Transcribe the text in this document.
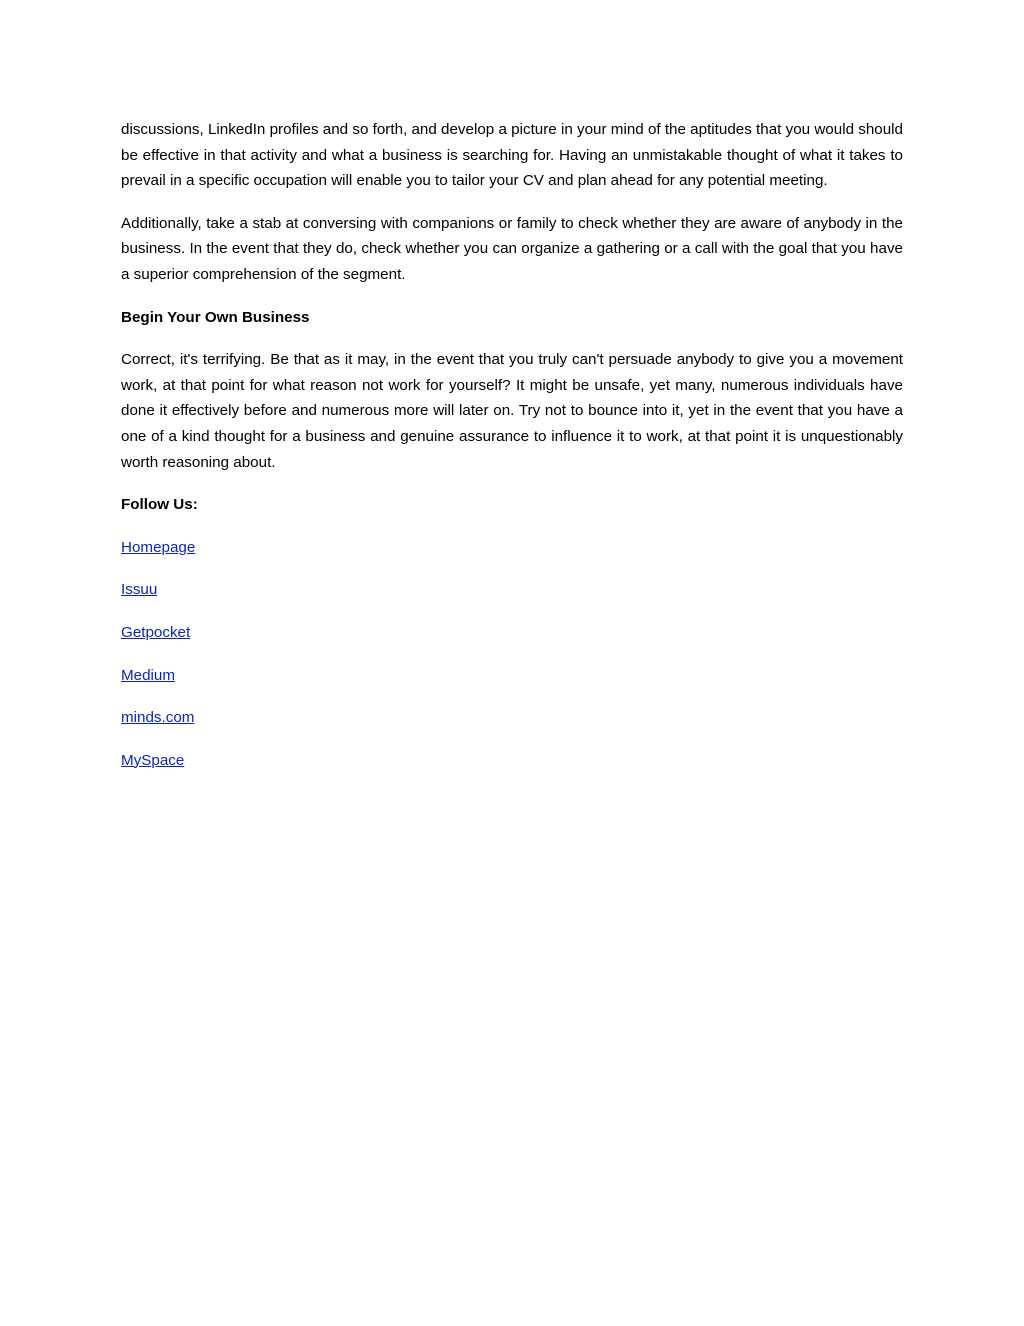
discussions, LinkedIn profiles and so forth, and develop a picture in your mind of the aptitudes that you would should be effective in that activity and what a business is searching for. Having an unmistakable thought of what it takes to prevail in a specific occupation will enable you to tailor your CV and plan ahead for any potential meeting.

Additionally, take a stab at conversing with companions or family to check whether they are aware of anybody in the business. In the event that they do, check whether you can organize a gathering or a call with the goal that you have a superior comprehension of the segment.

Begin Your Own Business

Correct, it's terrifying. Be that as it may, in the event that you truly can't persuade anybody to give you a movement work, at that point for what reason not work for yourself? It might be unsafe, yet many, numerous individuals have done it effectively before and numerous more will later on. Try not to bounce into it, yet in the event that you have a one of a kind thought for a business and genuine assurance to influence it to work, at that point it is unquestionably worth reasoning about.

Follow Us:

Homepage
Issuu
Getpocket
Medium
minds.com
MySpace
